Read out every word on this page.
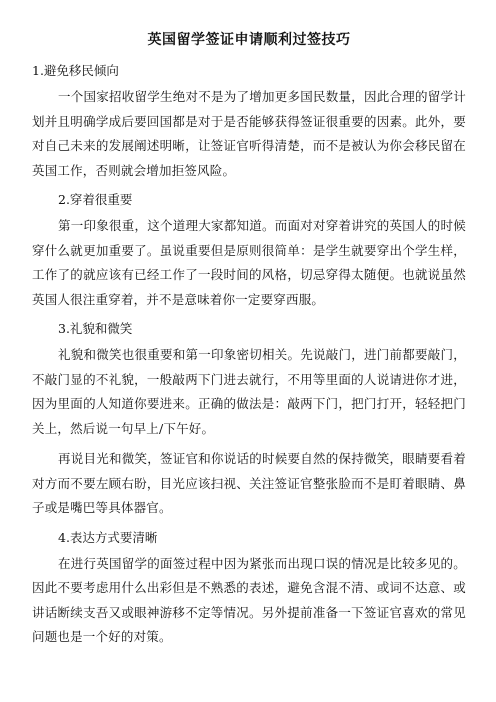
英国留学签证申请顺利过签技巧

1.避免移民倾向

一个国家招收留学生绝对不是为了增加更多国民数量，因此合理的留学计划并且明确学成后要回国都是对于是否能够获得签证很重要的因素。此外，要对自己未来的发展阐述明晰，让签证官听得清楚，而不是被认为你会移民留在英国工作，否则就会增加拒签风险。

2.穿着很重要

第一印象很重，这个道理大家都知道。而面对对穿着讲究的英国人的时候穿什么就更加重要了。虽说重要但是原则很简单：是学生就要穿出个学生样，工作了的就应该有已经工作了一段时间的风格，切忌穿得太随便。也就说虽然英国人很注重穿着，并不是意味着你一定要穿西服。

3.礼貌和微笑

礼貌和微笑也很重要和第一印象密切相关。先说敲门，进门前都要敲门，不敲门显的不礼貌，一般敲两下门进去就行，不用等里面的人说请进你才进，因为里面的人知道你要进来。正确的做法是：敲两下门，把门打开，轻轻把门关上，然后说一句早上/下午好。

再说目光和微笑，签证官和你说话的时候要自然的保持微笑，眼睛要看着对方而不要左顾右盼，目光应该扫视、关注签证官整张脸而不是盯着眼睛、鼻子或是嘴巴等具体器官。

4.表达方式要清晰

在进行英国留学的面签过程中因为紧张而出现口误的情况是比较多见的。因此不要考虑用什么出彩但是不熟悉的表述，避免含混不清、或词不达意、或讲话断续支吾又或眼神游移不定等情况。另外提前准备一下签证官喜欢的常见问题也是一个好的对策。
